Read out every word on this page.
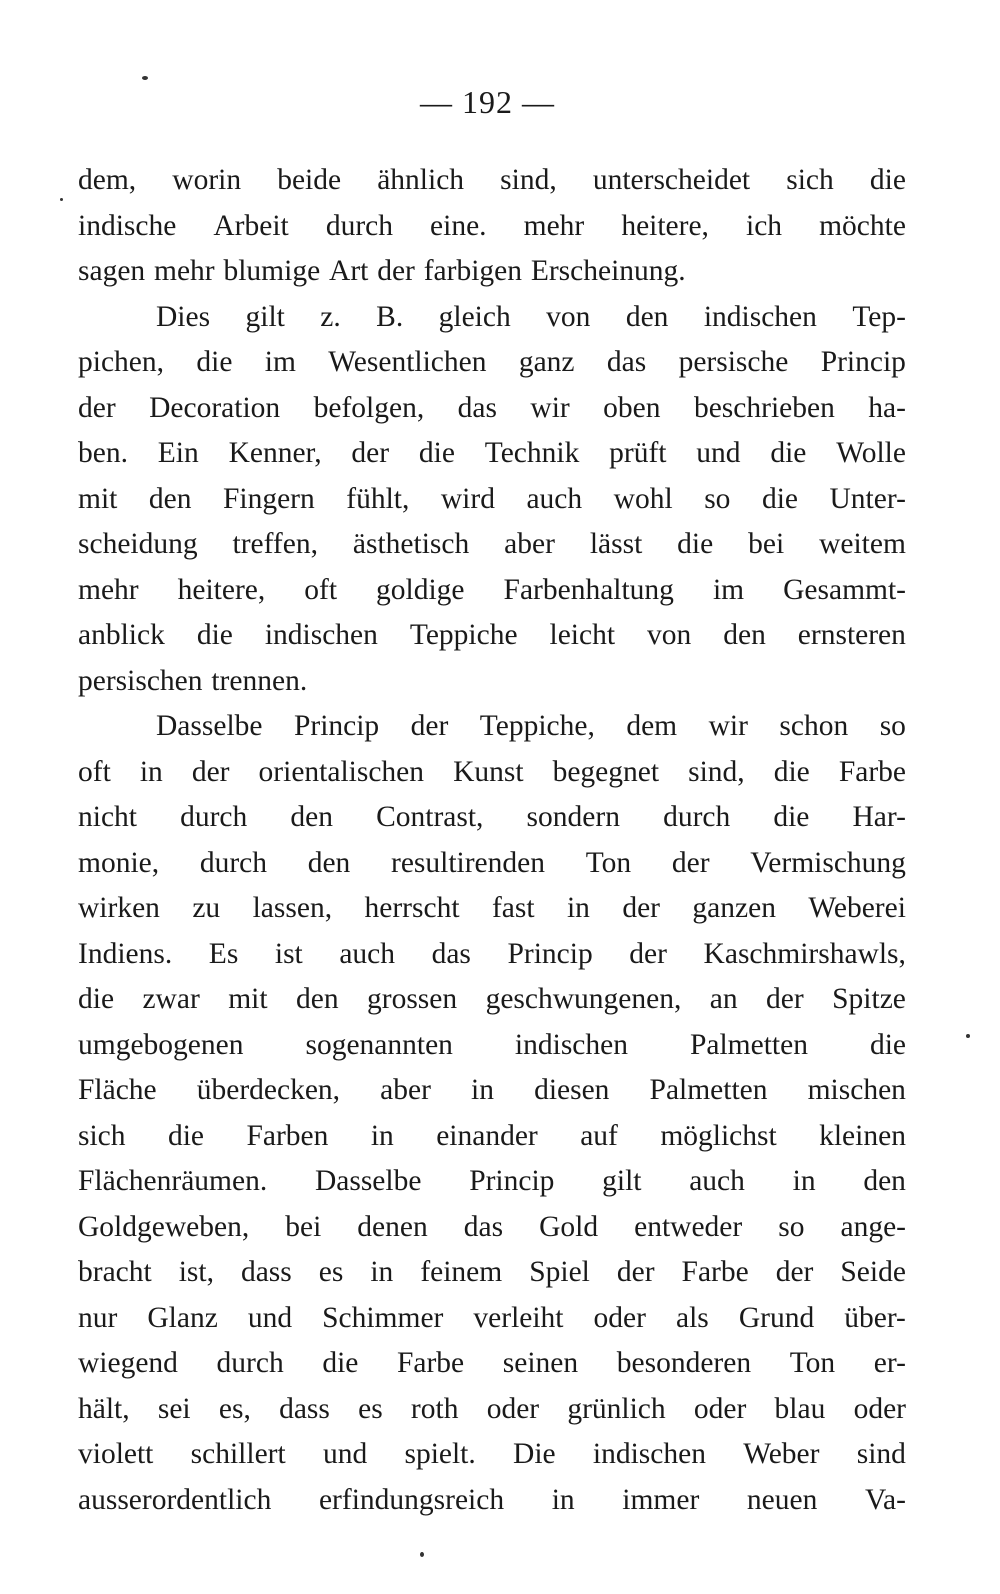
— 192 —
dem, worin beide ähnlich sind, unterscheidet sich die
indische Arbeit durch eine. mehr heitere, ich möchte
sagen mehr blumige Art der farbigen Erscheinung.
Dies gilt z. B. gleich von den indischen Tep-
pichen, die im Wesentlichen ganz das persische Princip
der Decoration befolgen, das wir oben beschrieben ha-
ben. Ein Kenner, der die Technik prüft und die Wolle
mit den Fingern fühlt, wird auch wohl so die Unter-
scheidung treffen, ästhetisch aber lässt die bei weitem
mehr heitere, oft goldige Farbenhaltung im Gesammt-
anblick die indischen Teppiche leicht von den ernsteren
persischen trennen.
Dasselbe Princip der Teppiche, dem wir schon so
oft in der orientalischen Kunst begegnet sind, die Farbe
nicht durch den Contrast, sondern durch die Har-
monie, durch den resultirenden Ton der Vermischung
wirken zu lassen, herrscht fast in der ganzen Weberei
Indiens. Es ist auch das Princip der Kaschmirshawls,
die zwar mit den grossen geschwungenen, an der Spitze
umgebogenen sogenannten indischen Palmetten die
Fläche überdecken, aber in diesen Palmetten mischen
sich die Farben in einander auf möglichst kleinen
Flächenräumen. Dasselbe Princip gilt auch in den
Goldgeweben, bei denen das Gold entweder so ange-
bracht ist, dass es in feinem Spiel der Farbe der Seide
nur Glanz und Schimmer verleiht oder als Grund über-
wiegend durch die Farbe seinen besonderen Ton er-
hält, sei es, dass es roth oder grünlich oder blau oder
violett schillert und spielt. Die indischen Weber sind
ausserordentlich erfindungsreich in immer neuen Va-
